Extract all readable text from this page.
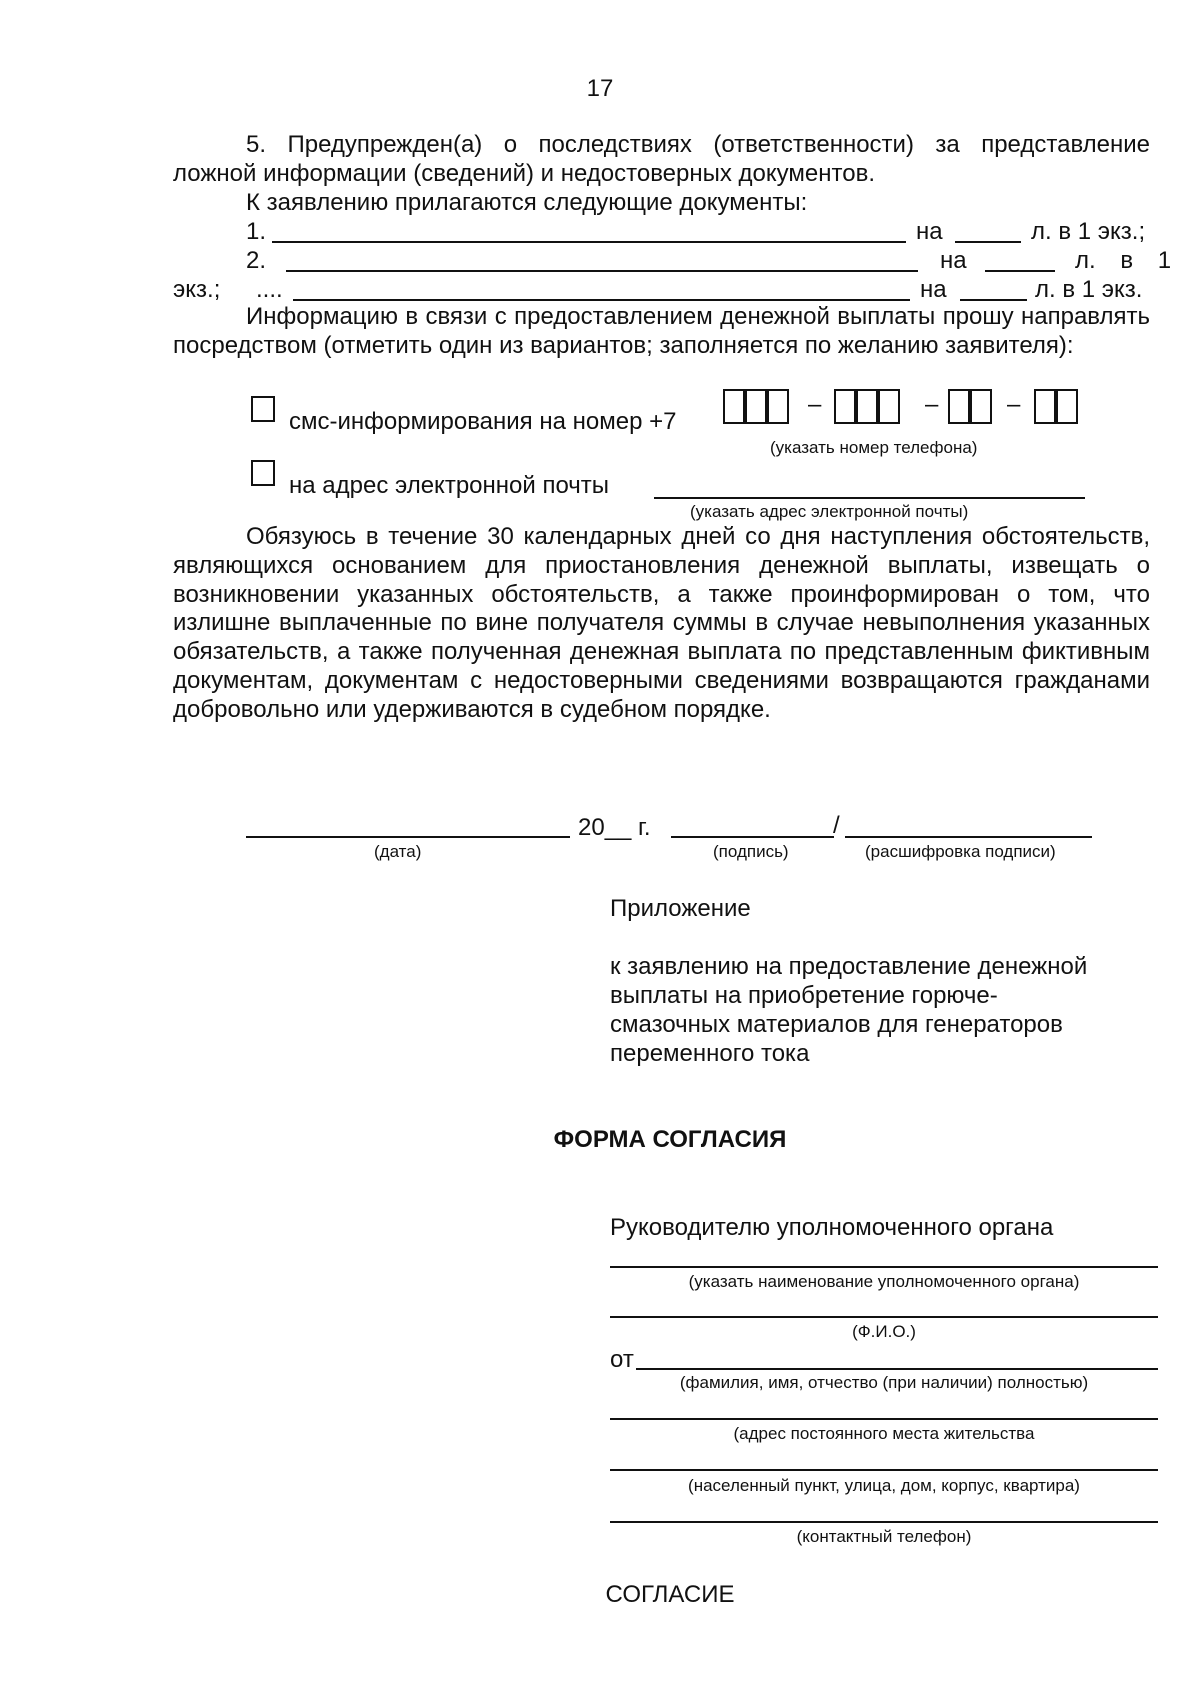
17
5. Предупрежден(а) о последствиях (ответственности) за представление ложной информации (сведений) и недостоверных документов.
К заявлению прилагаются следующие документы:
1.	на	л. в 1 экз.;
2.	на	л. в 1
экз.; ....	на	л. в 1 экз.
Информацию в связи с предоставлением денежной выплаты прошу направлять посредством (отметить один из вариантов; заполняется по желанию заявителя):
смс-информирования на номер +7
–	–	–
(указать номер телефона)
на адрес электронной почты
(указать адрес электронной почты)
Обязуюсь в течение 30 календарных дней со дня наступления обстоятельств, являющихся основанием для приостановления денежной выплаты, извещать о возникновении указанных обстоятельств, а также проинформирован о том, что излишне выплаченные по вине получателя суммы в случае невыполнения указанных обязательств, а также полученная денежная выплата по представленным фиктивным документам, документам с недостоверными сведениями возвращаются гражданами добровольно или удерживаются в судебном порядке.
20__ г.	/
(дата)	(подпись)	(расшифровка подписи)
Приложение
к заявлению на предоставление денежной
выплаты на приобретение горюче-
смазочных материалов для генераторов
переменного тока
ФОРМА СОГЛАСИЯ
Руководителю уполномоченного органа
(указать наименование уполномоченного органа)
(Ф.И.О.)
от
(фамилия, имя, отчество (при наличии) полностью)
(адрес постоянного места жительства
(населенный пункт, улица, дом, корпус, квартира)
(контактный телефон)
СОГЛАСИЕ
